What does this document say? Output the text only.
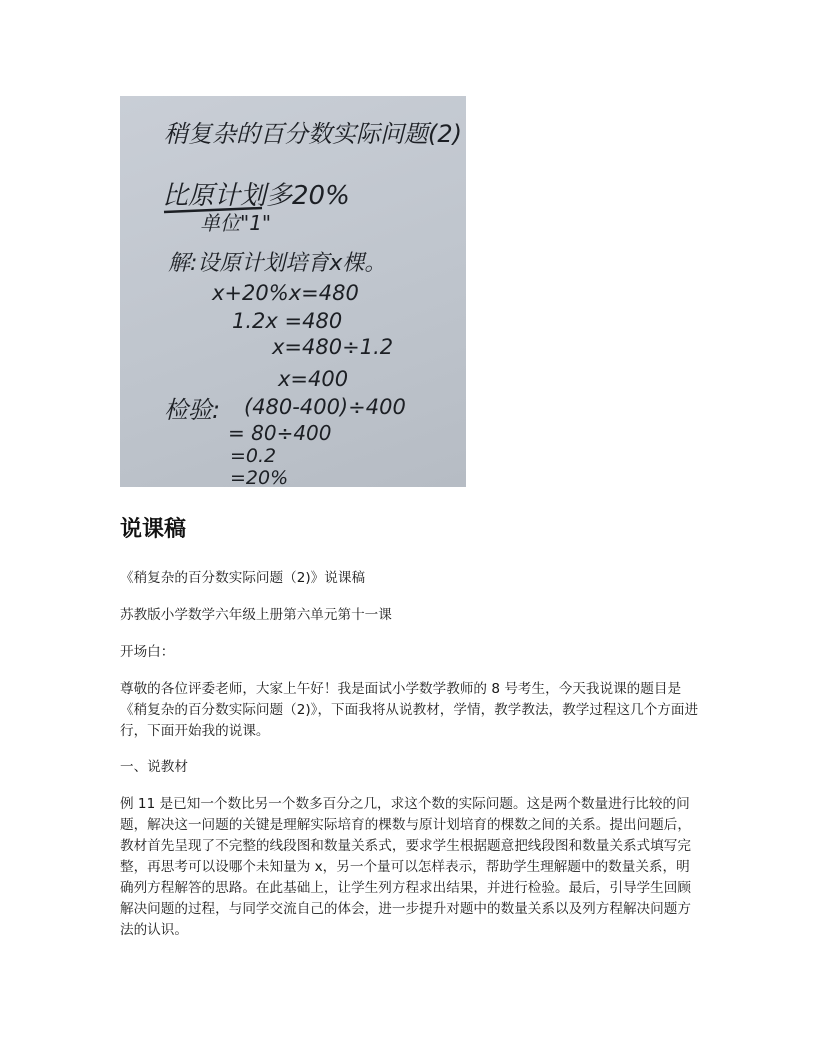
稍复杂的百分数实际问题(2)
比原计划多20%
单位"1"
解:设原计划培育x棵。
x+20%x=480
1.2x =480
x=480÷1.2
x=400
检验: (480-400)÷400
= 80÷400
=0.2
=20%
说课稿

《稍复杂的百分数实际问题（2)》说课稿

苏教版小学数学六年级上册第六单元第十一课

开场白：

尊敬的各位评委老师，大家上午好！我是面试小学数学教师的 8 号考生，今天我说课的题目是《稍复杂的百分数实际问题（2)》，下面我将从说教材，学情，教学教法，教学过程这几个方面进行，下面开始我的说课。

一、说教材

例 11 是已知一个数比另一个数多百分之几，求这个数的实际问题。这是两个数量进行比较的问题，解决这一问题的关键是理解实际培育的棵数与原计划培育的棵数之间的关系。提出问题后，教材首先呈现了不完整的线段图和数量关系式，要求学生根据题意把线段图和数量关系式填写完整，再思考可以设哪个未知量为 x，另一个量可以怎样表示，帮助学生理解题中的数量关系，明确列方程解答的思路。在此基础上，让学生列方程求出结果，并进行检验。最后，引导学生回顾解决问题的过程，与同学交流自己的体会，进一步提升对题中的数量关系以及列方程解决问题方法的认识。
